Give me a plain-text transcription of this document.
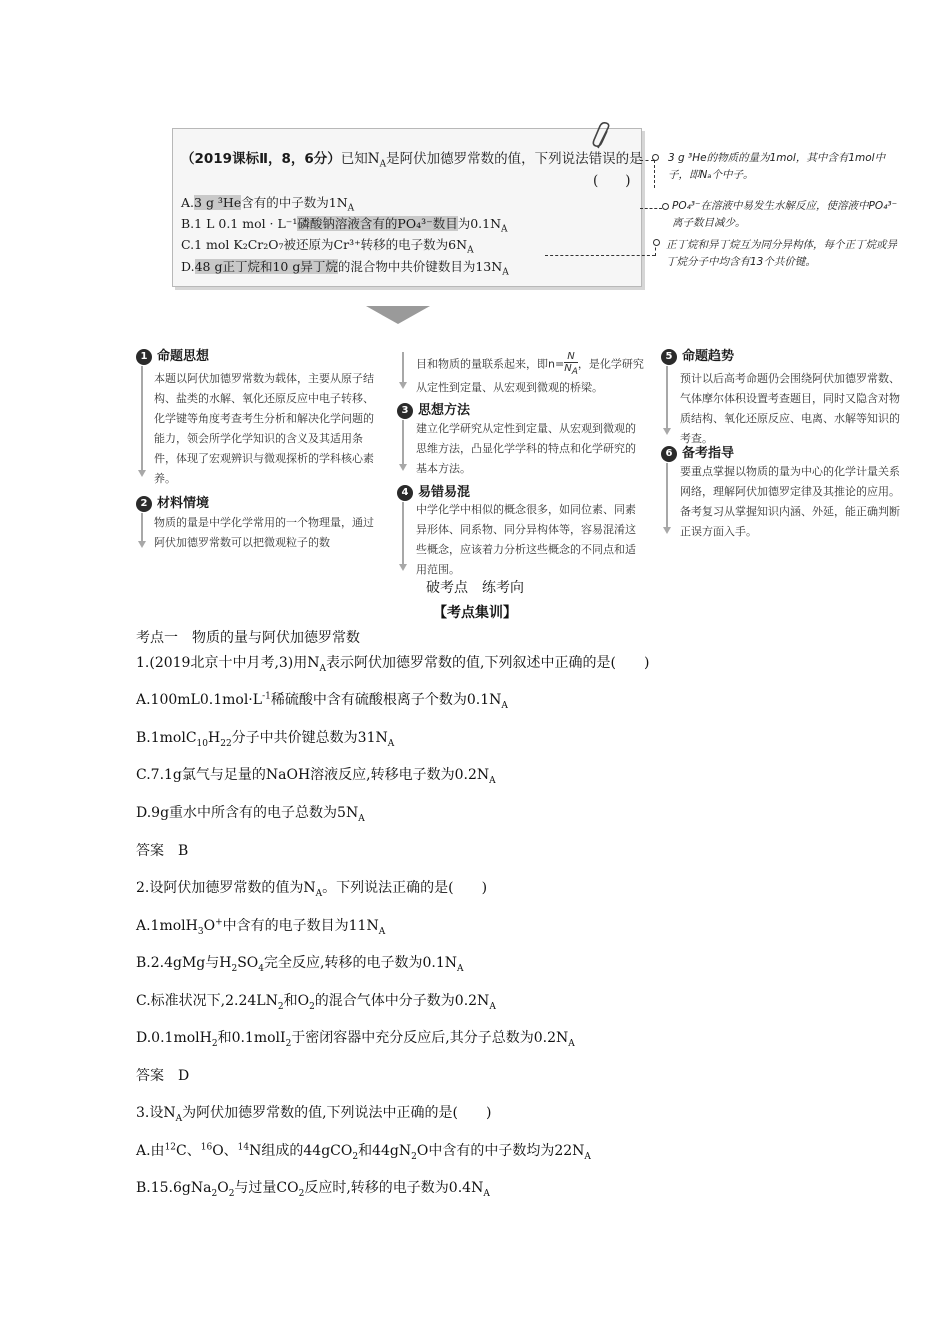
（2019课标Ⅱ，8，6分）已知$N_A$是阿伏加德罗常数的值，下列说法错误的是
(　　)
A.3 g ³He含有的中子数为$1N_A$
B.1 L 0.1 mol · L⁻¹磷酸钠溶液含有的PO₄³⁻数目为$0.1N_A$
C.1 mol K₂Cr₂O₇被还原为Cr³⁺转移的电子数为$6N_A$
D.48 g正丁烷和10 g异丁烷的混合物中共价键数目为$13N_A$
3 g ³He的物质的量为1mol，其中含有1mol中子，即Nₐ个中子。
PO₄³⁻在溶液中易发生水解反应，使溶液中PO₄³⁻离子数目减少。
正丁烷和异丁烷互为同分异构体，每个正丁烷或异丁烷分子中均含有13个共价键。
1 命题思想
本题以阿伏加德罗常数为载体，主要从原子结构、盐类的水解、氧化还原反应中电子转移、化学键等角度考查考生分析和解决化学问题的能力，领会所学化学知识的含义及其适用条件，体现了宏观辨识与微观探析的学科核心素养。
2 材料情境
物质的量是中学化学常用的一个物理量，通过阿伏加德罗常数可以把微观粒子的数
目和物质的量联系起来，即$n= \frac{N}{N_A}$ ，是化学研究从定性到定量、从宏观到微观的桥梁。
3 思想方法
建立化学研究从定性到定量、从宏观到微观的思维方法，凸显化学学科的特点和化学研究的基本方法。
4 易错易混
中学化学中相似的概念很多，如同位素、同素异形体、同系物、同分异构体等，容易混淆这些概念，应该着力分析这些概念的不同点和适用范围。
5 命题趋势
预计以后高考命题仍会围绕阿伏加德罗常数、气体摩尔体积设置考查题目，同时又隐含对物质结构、氧化还原反应、电离、水解等知识的考查。
6 备考指导
要重点掌握以物质的量为中心的化学计量关系网络，理解阿伏加德罗定律及其推论的应用。备考复习从掌握知识内涵、外延，能正确判断正误方面入手。
破考点　练考向
【考点集训】
考点一　物质的量与阿伏加德罗常数
1.(2019北京十中月考,3)用$N_A$表示阿伏加德罗常数的值,下列叙述中正确的是(　　)
$A.100mL0.1mol\cdot L^{-1}$稀硫酸中含有硫酸根离子个数为$0.1N_A$
$B.1molC_{10}H_{22}$分子中共价键总数为$31N_A$
C.7.1g氯气与足量的NaOH溶液反应,转移电子数为$0.2N_A$
D.9g重水中所含有的电子总数为$5N_A$
答案　B
2.设阿伏加德罗常数的值为$N_A$。下列说法正确的是(　　)
A.1molH$_3$O+中含有的电子数目为$11N_A$
B.2.4gMg与$H_2SO_4$完全反应,转移的电子数为$0.1N_A$
C.标准状况下$,2.24LN_2$和$O_2$的混合气体中分子数为$0.2N_A$
D.0.1molH$_2$和0.1molI$_2$于密闭容器中充分反应后,其分子总数为$0.2N_A$
答案　D
3.设$N_A$为阿伏加德罗常数的值,下列说法中正确的是(　　)
A.由$^{12}$C、$^{16}$O、$^{14}$N组成的44gCO$_2$和$44gN_2O$中含有的中子数均为$22N_A$
$B.15.6gNa_2O_2$与过量$CO_2$反应时,转移的电子数为$0.4N_A$
